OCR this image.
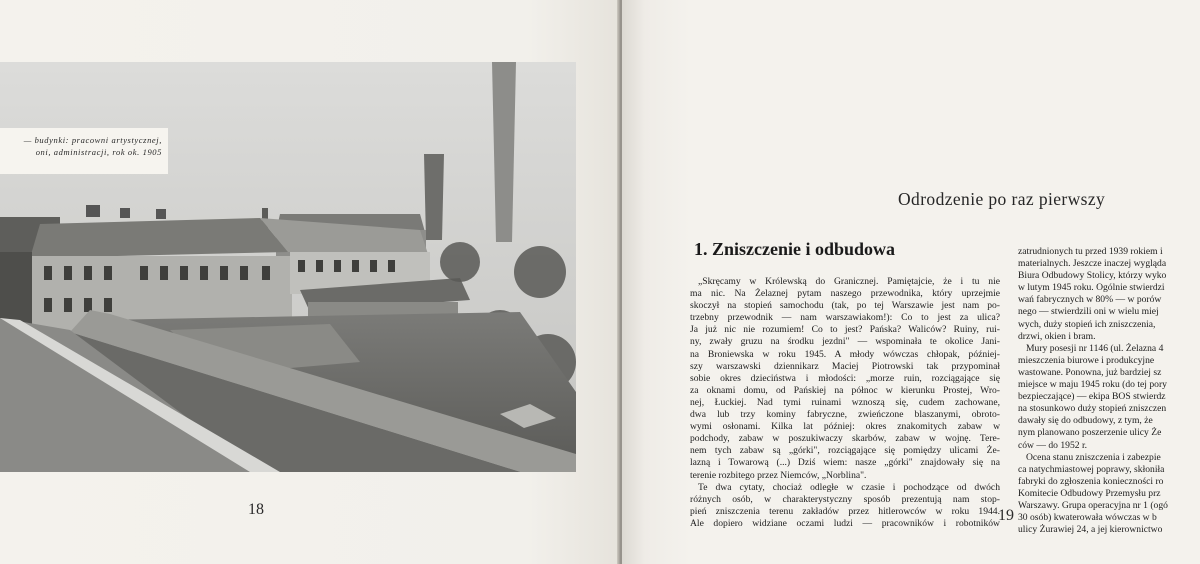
— budynki: pracowni artystycznej,
oni, administracji, rok ok. 1905
18
Odrodzenie po raz pierwszy
1. Zniszczenie i odbudowa
„Skręcamy w Królewską do Granicznej. Pamiętajcie, że i tu nie
ma nic. Na Żelaznej pytam naszego przewodnika, który uprzejmie
skoczył na stopień samochodu (tak, po tej Warszawie jest nam po-
trzebny przewodnik — nam warszawiakom!): Co to jest za ulica?
Ja już nic nie rozumiem! Co to jest? Pańska? Waliców? Ruiny, rui-
ny, zwały gruzu na środku jezdni" — wspominała te okolice Jani-
na Broniewska w roku 1945. A młody wówczas chłopak, później-
szy warszawski dziennikarz Maciej Piotrowski tak przypominał
sobie okres dzieciństwa i młodości: „morze ruin, rozciągające się
za oknami domu, od Pańskiej na północ w kierunku Prostej, Wro-
nej, Łuckiej. Nad tymi ruinami wznoszą się, cudem zachowane,
dwa lub trzy kominy fabryczne, zwieńczone blaszanymi, obroto-
wymi osłonami. Kilka lat później: okres znakomitych zabaw w
podchody, zabaw w poszukiwaczy skarbów, zabaw w wojnę. Tere-
nem tych zabaw są „górki", rozciągające się pomiędzy ulicami Że-
lazną i Towarową (...) Dziś wiem: nasze „górki" znajdowały się na
terenie rozbitego przez Niemców, „Norblina".
Te dwa cytaty, chociaż odległe w czasie i pochodzące od dwóch
różnych osób, w charakterystyczny sposób prezentują nam stop-
pień zniszczenia terenu zakładów przez hitlerowców w roku 1944.
Ale dopiero widziane oczami ludzi — pracowników i robotników
zatrudnionych tu przed 1939 rokiem i
materialnych. Jeszcze inaczej wygląda
Biura Odbudowy Stolicy, którzy wyko
w lutym 1945 roku. Ogólnie stwierdzi
wań fabrycznych w 80% — w porów
nego — stwierdzili oni w wielu miej
wych, duży stopień ich zniszczenia,
drzwi, okien i bram.
Mury posesji nr 1146 (ul. Żelazna 4
mieszczenia biurowe i produkcyjne
wastowane. Ponowna, już bardziej sz
miejsce w maju 1945 roku (do tej pory
bezpieczające) — ekipa BOS stwierdz
na stosunkowo duży stopień zniszczen
dawały się do odbudowy, z tym, że
nym planowano poszerzenie ulicy Że
ców — do 1952 r.
Ocena stanu zniszczenia i zabezpie
ca natychmiastowej poprawy, skłoniła
fabryki do zgłoszenia konieczności ro
Komitecie Odbudowy Przemysłu prz
Warszawy. Grupa operacyjna nr 1 (ogó
30 osób) kwaterowała wówczas w b
ulicy Żurawiej 24, a jej kierownictwo
19
